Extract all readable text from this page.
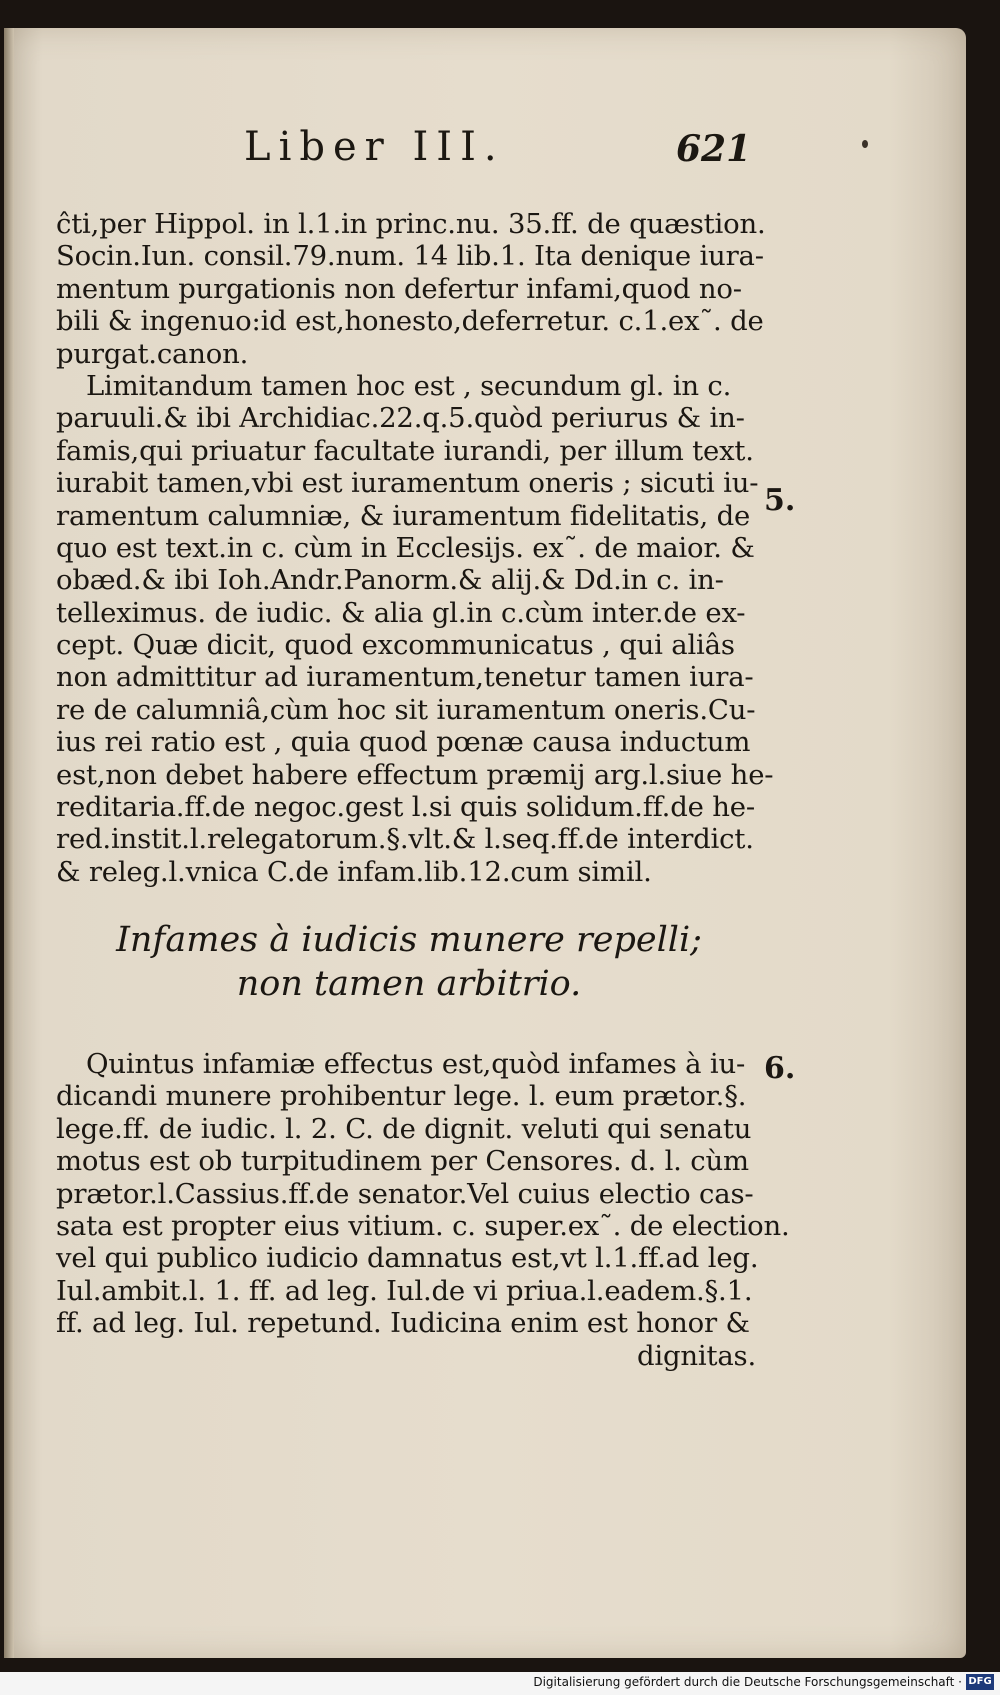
Liber III.	621
ĉti,per Hippol. in l.1.in princ.nu. 35.ff. de quæstion.
Socin.Iun. consil.79.num. 14 lib.1. Ita denique iura-
mentum purgationis non defertur infami,quod no-
bili & ingenuo:id est,honesto,deferretur. c.1.ex˜. de
purgat.canon.
Limitandum tamen hoc est , secundum gl. in c.
paruuli.& ibi Archidiac.22.q.5.quòd periurus & in-
famis,qui priuatur facultate iurandi, per illum text.
iurabit tamen,vbi est iuramentum oneris ; sicuti iu-
ramentum calumniæ, & iuramentum fidelitatis, de
quo est text.in c. cùm in Ecclesijs. ex˜. de maior. &
obæd.& ibi Ioh.Andr.Panorm.& alij.& Dd.in c. in-
telleximus. de iudic. & alia gl.in c.cùm inter.de ex-
cept. Quæ dicit, quod excommunicatus , qui aliâs
non admittitur ad iuramentum,tenetur tamen iura-
re de calumniâ,cùm hoc sit iuramentum oneris.Cu-
ius rei ratio est , quia quod pœnæ causa inductum
est,non debet habere effectum præmij arg.l.siue he-
reditaria.ff.de negoc.gest l.si quis solidum.ff.de he-
red.instit.l.relegatorum.§.vlt.& l.seq.ff.de interdict.
& releg.l.vnica C.de infam.lib.12.cum simil.
5.
Infames à iudicis munere repelli;
non tamen arbitrio.
Quintus infamiæ effectus est,quòd infames à iu-
dicandi munere prohibentur lege. l. eum prætor.§.
lege.ff. de iudic. l. 2. C. de dignit. veluti qui senatu
motus est ob turpitudinem per Censores. d. l. cùm
prætor.l.Cassius.ff.de senator.Vel cuius electio cas-
sata est propter eius vitium. c. super.ex˜. de election.
vel qui publico iudicio damnatus est,vt l.1.ff.ad leg.
Iul.ambit.l. 1. ff. ad leg. Iul.de vi priua.l.eadem.§.1.
ff. ad leg. Iul. repetund. Iudicina enim est honor &
dignitas.
6.
Digitalisierung gefördert durch die Deutsche Forschungsgemeinschaft · DFG
